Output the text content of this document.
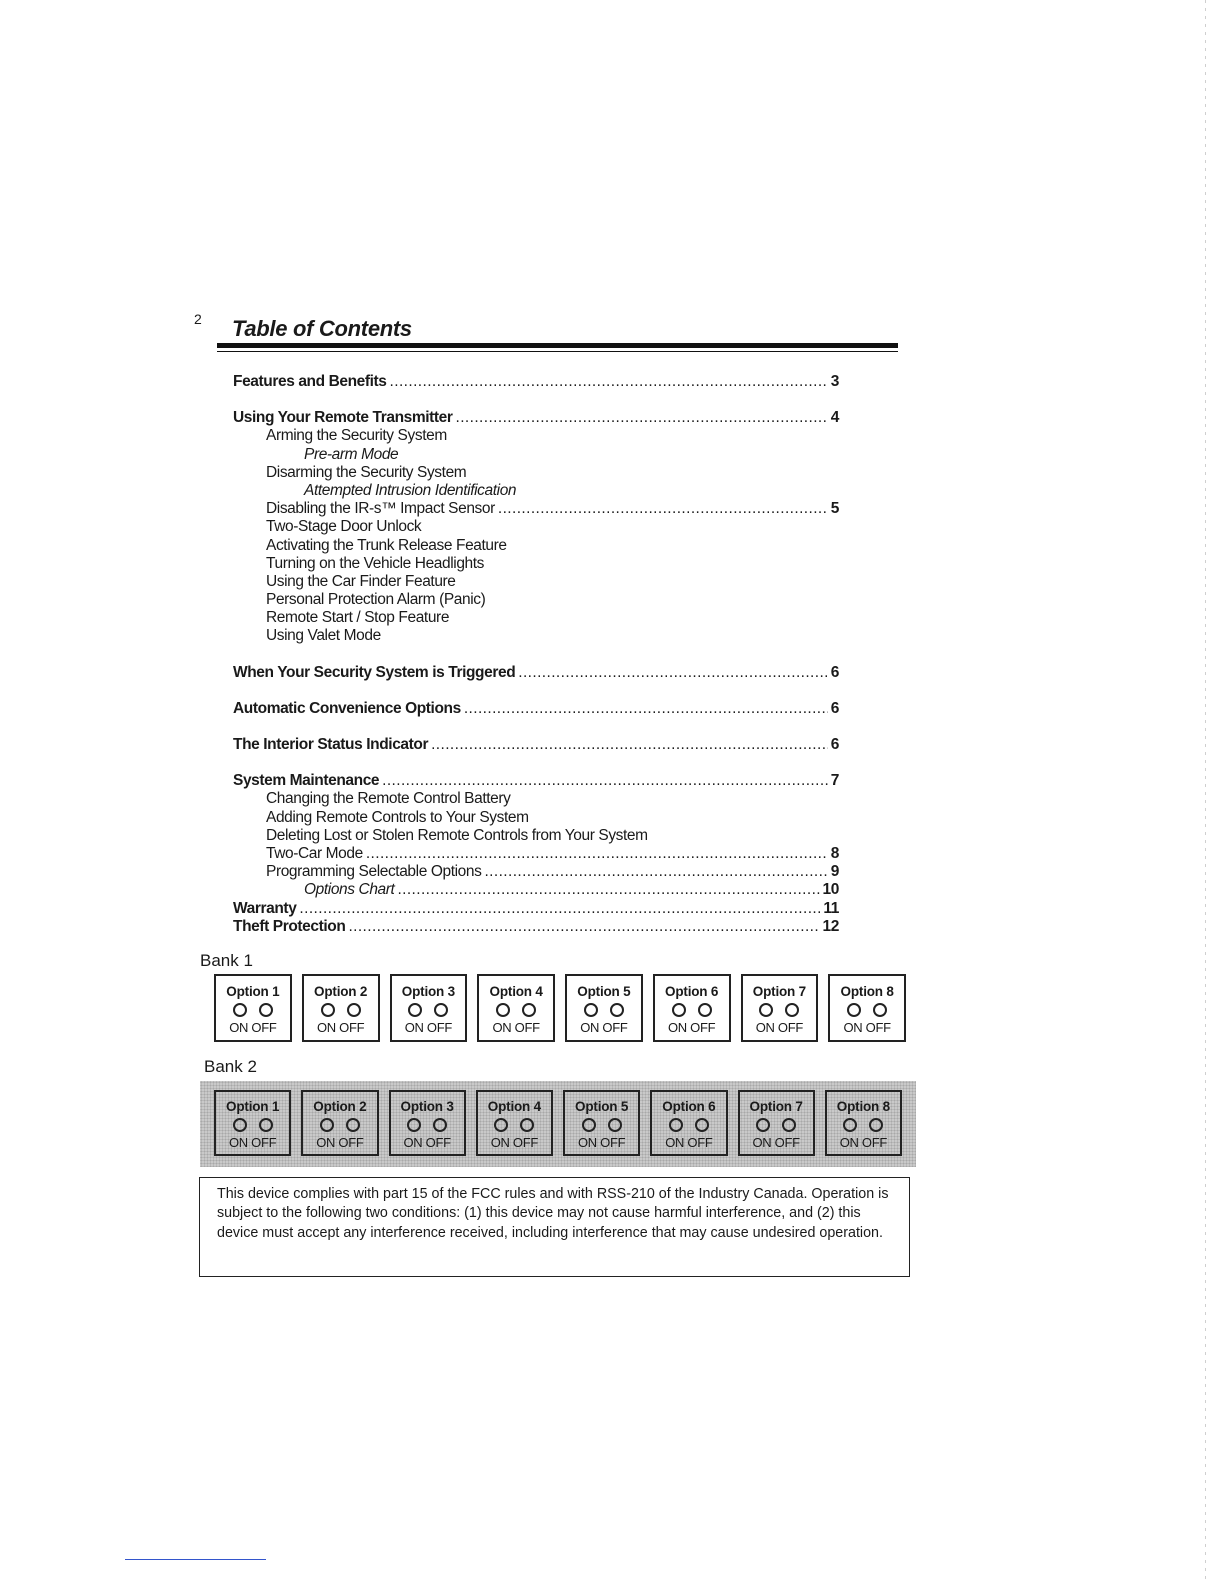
2 Table of Contents
Features and Benefits .....	3
Using Your Remote Transmitter .....	4
Arming the Security System
Pre-arm Mode
Disarming the Security System
Attempted Intrusion Identification
Disabling the IR-s™ Impact Sensor .....	5
Two-Stage Door Unlock
Activating the Trunk Release Feature
Turning on the Vehicle Headlights
Using the Car Finder Feature
Personal Protection Alarm (Panic)
Remote Start / Stop Feature
Using Valet Mode
When Your Security System is Triggered .....	6
Automatic Convenience Options .....	6
The Interior Status Indicator .....	6
System Maintenance .....	7
Changing the Remote Control Battery
Adding Remote Controls to Your System
Deleting Lost or Stolen Remote Controls from Your System
Two-Car Mode .....	8
Programming Selectable Options .....	9
Options Chart .....	10
Warranty .....	11
Theft Protection .....	12
Bank 1
Option 1
ON OFF
Option 2
ON OFF
Option 3
ON OFF
Option 4
ON OFF
Option 5
ON OFF
Option 6
ON OFF
Option 7
ON OFF
Option 8
ON OFF
Bank 2
Option 1
ON OFF
Option 2
ON OFF
Option 3
ON OFF
Option 4
ON OFF
Option 5
ON OFF
Option 6
ON OFF
Option 7
ON OFF
Option 8
ON OFF
This device complies with part 15 of the FCC rules and with RSS-210 of the Industry Canada. Operation is subject to the following two conditions: (1) this device may not cause harmful interference, and (2) this device must accept any interference received, including interference that may cause undesired operation.
